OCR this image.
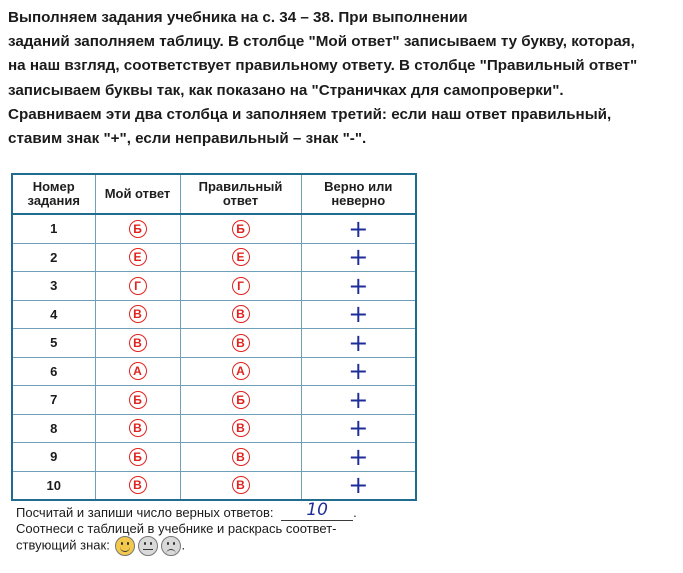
Выполняем задания учебника на с. 34 – 38. При выполнении
заданий заполняем таблицу. В столбце "Мой ответ" записываем ту букву, которая,
на наш взгляд, соответствует правильному ответу. В столбце "Правильный ответ"
записываем буквы так, как показано на "Страничках для самопроверки".
Сравниваем эти два столбца и заполняем третий: если наш ответ правильный,
ставим знак "+", если неправильный – знак "-".
Номер задания	Мой ответ	Правильный ответ	Верно или неверно
1	Б	Б	+
2	Е	Е	+
3	Г	Г	+
4	В	В	+
5	В	В	+
6	А	А	+
7	Б	Б	+
8	В	В	+
9	Б	В	+
10	В	В	+
Посчитай и запиши число верных ответов: 10 .
Соотнеси с таблицей в учебнике и раскрась соответ-
ствующий знак:	.
